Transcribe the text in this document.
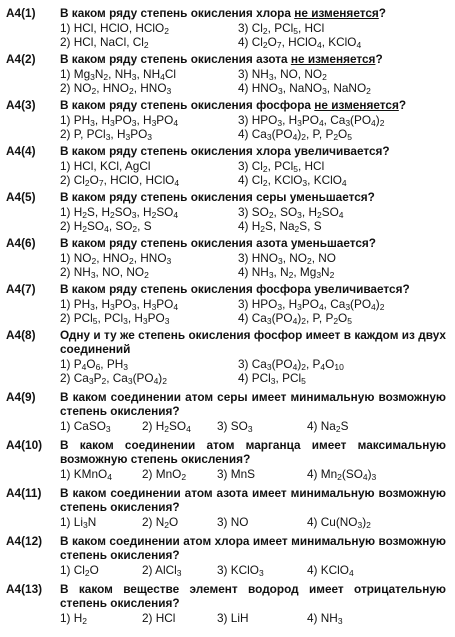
A4(1) В каком ряду степень окисления хлора не изменяется?
1) HCl, HClO, HClO$_2$	3) $Cl_2$, PCl$_5$, HCl
2) HCl, NaCl, $Cl_2$	4) $Cl_2O_7$, HClO$_4$, KClO$_4$
A4(2) В каком ряду степень окисления азота не изменяется?
1) $Mg_3N_2$, $NH_3$, $NH_4Cl$	3) $NH_3$, NO, $NO_2$
2) $NO_2$, $HNO_2$, $HNO_3$	4) $HNO_3$, NaNO$_3$, NaNO$_2$
A4(3) В каком ряду степень окисления фосфора не изменяется?
1) $PH_3$, $H_3PO_3$, $H_3PO_4$	3) $HPO_3$, $H_3PO_4$, $Ca_3(PO_4)_2$
2) P, PCl$_3$, $H_3PO_3$	4) $Ca_3(PO_4)_2$, P, $P_2O_5$
A4(4) В каком ряду степень окисления хлора увеличивается?
1) HCl, KCl, AgCl	3) $Cl_2$, PCl$_5$, HCl
2) $Cl_2O_7$, HClO, HClO$_4$	4) $Cl_2$, KClO$_3$, KClO$_4$
A4(5) В каком ряду степень окисления серы уменьшается?
1) $H_2S$, $H_2SO_3$, $H_2SO_4$	3) $SO_2$, $SO_3$, $H_2SO_4$
2) $H_2SO_4$, $SO_2$, S	4) $H_2S$, $Na_2S$, S
A4(6) В каком ряду степень окисления азота уменьшается?
1) $NO_2$, $HNO_2$, $HNO_3$	3) $HNO_3$, $NO_2$, NO
2) $NH_3$, NO, $NO_2$	4) $NH_3$, $N_2$, $Mg_3N_2$
A4(7) В каком ряду степень окисления фосфора увеличивается?
1) $PH_3$, $H_3PO_3$, $H_3PO_4$	3) $HPO_3$, $H_3PO_4$, $Ca_3(PO_4)_2$
2) PCl$_5$, PCl$_3$, $H_3PO_3$	4) $Ca_3(PO_4)_2$, P, $P_2O_5$
A4(8) Одну и ту же степень окисления фосфор имеет в каждом из двух соединений
1) $P_4O_6$, $PH_3$	3) $Ca_3(PO_4)_2$, $P_4O_{10}$
2) $Ca_3P_2$, $Ca_3(PO_4)_2$	4) PCl$_3$, PCl$_5$
A4(9) В каком соединении атом серы имеет минимальную возможную степень окисления?
1) CaSO$_3$	2) $H_2SO_4$	3) $SO_3$	4) $Na_2S$
A4(10) В каком соединении атом марганца имеет максимальную возможную степень окисления?
1) KMnO$_4$	2) MnO$_2$	3) MnS	4) $Mn_2(SO_4)_3$
A4(11) В каком соединении атом азота имеет минимальную возможную степень окисления?
1) $Li_3N$	2) $N_2O$	3) NO	4) $Cu(NO_3)_2$
A4(12) В каком соединении атом хлора имеет минимальную возможную степень окисления?
1) $Cl_2O$	2) AlCl$_3$	3) KClO$_3$	4) KClO$_4$
A4(13) В каком веществе элемент водород имеет отрицательную степень окисления?
1) $H_2$	2) HCl	3) LiH	4) $NH_3$
